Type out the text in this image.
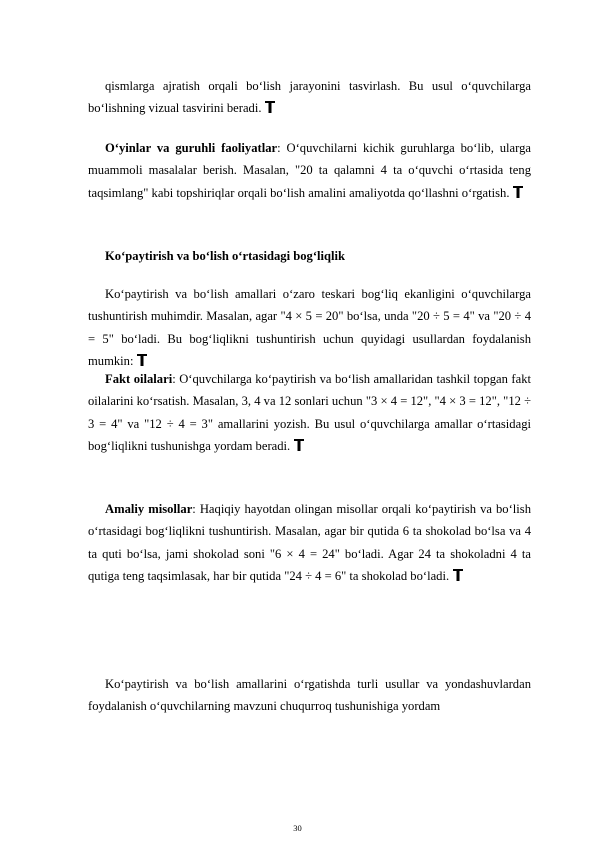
qismlarga ajratish orqali bo‘lish jarayonini tasvirlash. Bu usul o‘quvchilarga bo‘lishning vizual tasvirini beradi.

O‘yinlar va guruhli faoliyatlar: O‘quvchilarni kichik guruhlarga bo‘lib, ularga muammoli masalalar berish. Masalan, "20 ta qalamni 4 ta o‘quvchi o‘rtasida teng taqsimlang" kabi topshiriqlar orqali bo‘lish amalini amaliyotda qo‘llashni o‘rgatish.

Ko‘paytirish va bo‘lish o‘rtasidagi bog‘liqlik

Ko‘paytirish va bo‘lish amallari o‘zaro teskari bog‘liq ekanligini o‘quvchilarga tushuntirish muhimdir. Masalan, agar "4 × 5 = 20" bo‘lsa, unda "20 ÷ 5 = 4" va "20 ÷ 4 = 5" bo‘ladi. Bu bog‘liqlikni tushuntirish uchun quyidagi usullardan foydalanish mumkin:

Fakt oilalari: O‘quvchilarga ko‘paytirish va bo‘lish amallaridan tashkil topgan fakt oilalarini ko‘rsatish. Masalan, 3, 4 va 12 sonlari uchun "3 × 4 = 12", "4 × 3 = 12", "12 ÷ 3 = 4" va "12 ÷ 4 = 3" amallarini yozish. Bu usul o‘quvchilarga amallar o‘rtasidagi bog‘liqlikni tushunishga yordam beradi.

Amaliy misollar: Haqiqiy hayotdan olingan misollar orqali ko‘paytirish va bo‘lish o‘rtasidagi bog‘liqlikni tushuntirish. Masalan, agar bir qutida 6 ta shokolad bo‘lsa va 4 ta quti bo‘lsa, jami shokolad soni "6 × 4 = 24" bo‘ladi. Agar 24 ta shokoladni 4 ta qutiga teng taqsimlasak, har bir qutida "24 ÷ 4 = 6" ta shokolad bo‘ladi.

Ko‘paytirish va bo‘lish amallarini o‘rgatishda turli usullar va yondashuvlardan foydalanish o‘quvchilarning mavzuni chuqurroq tushunishiga yordam

30
